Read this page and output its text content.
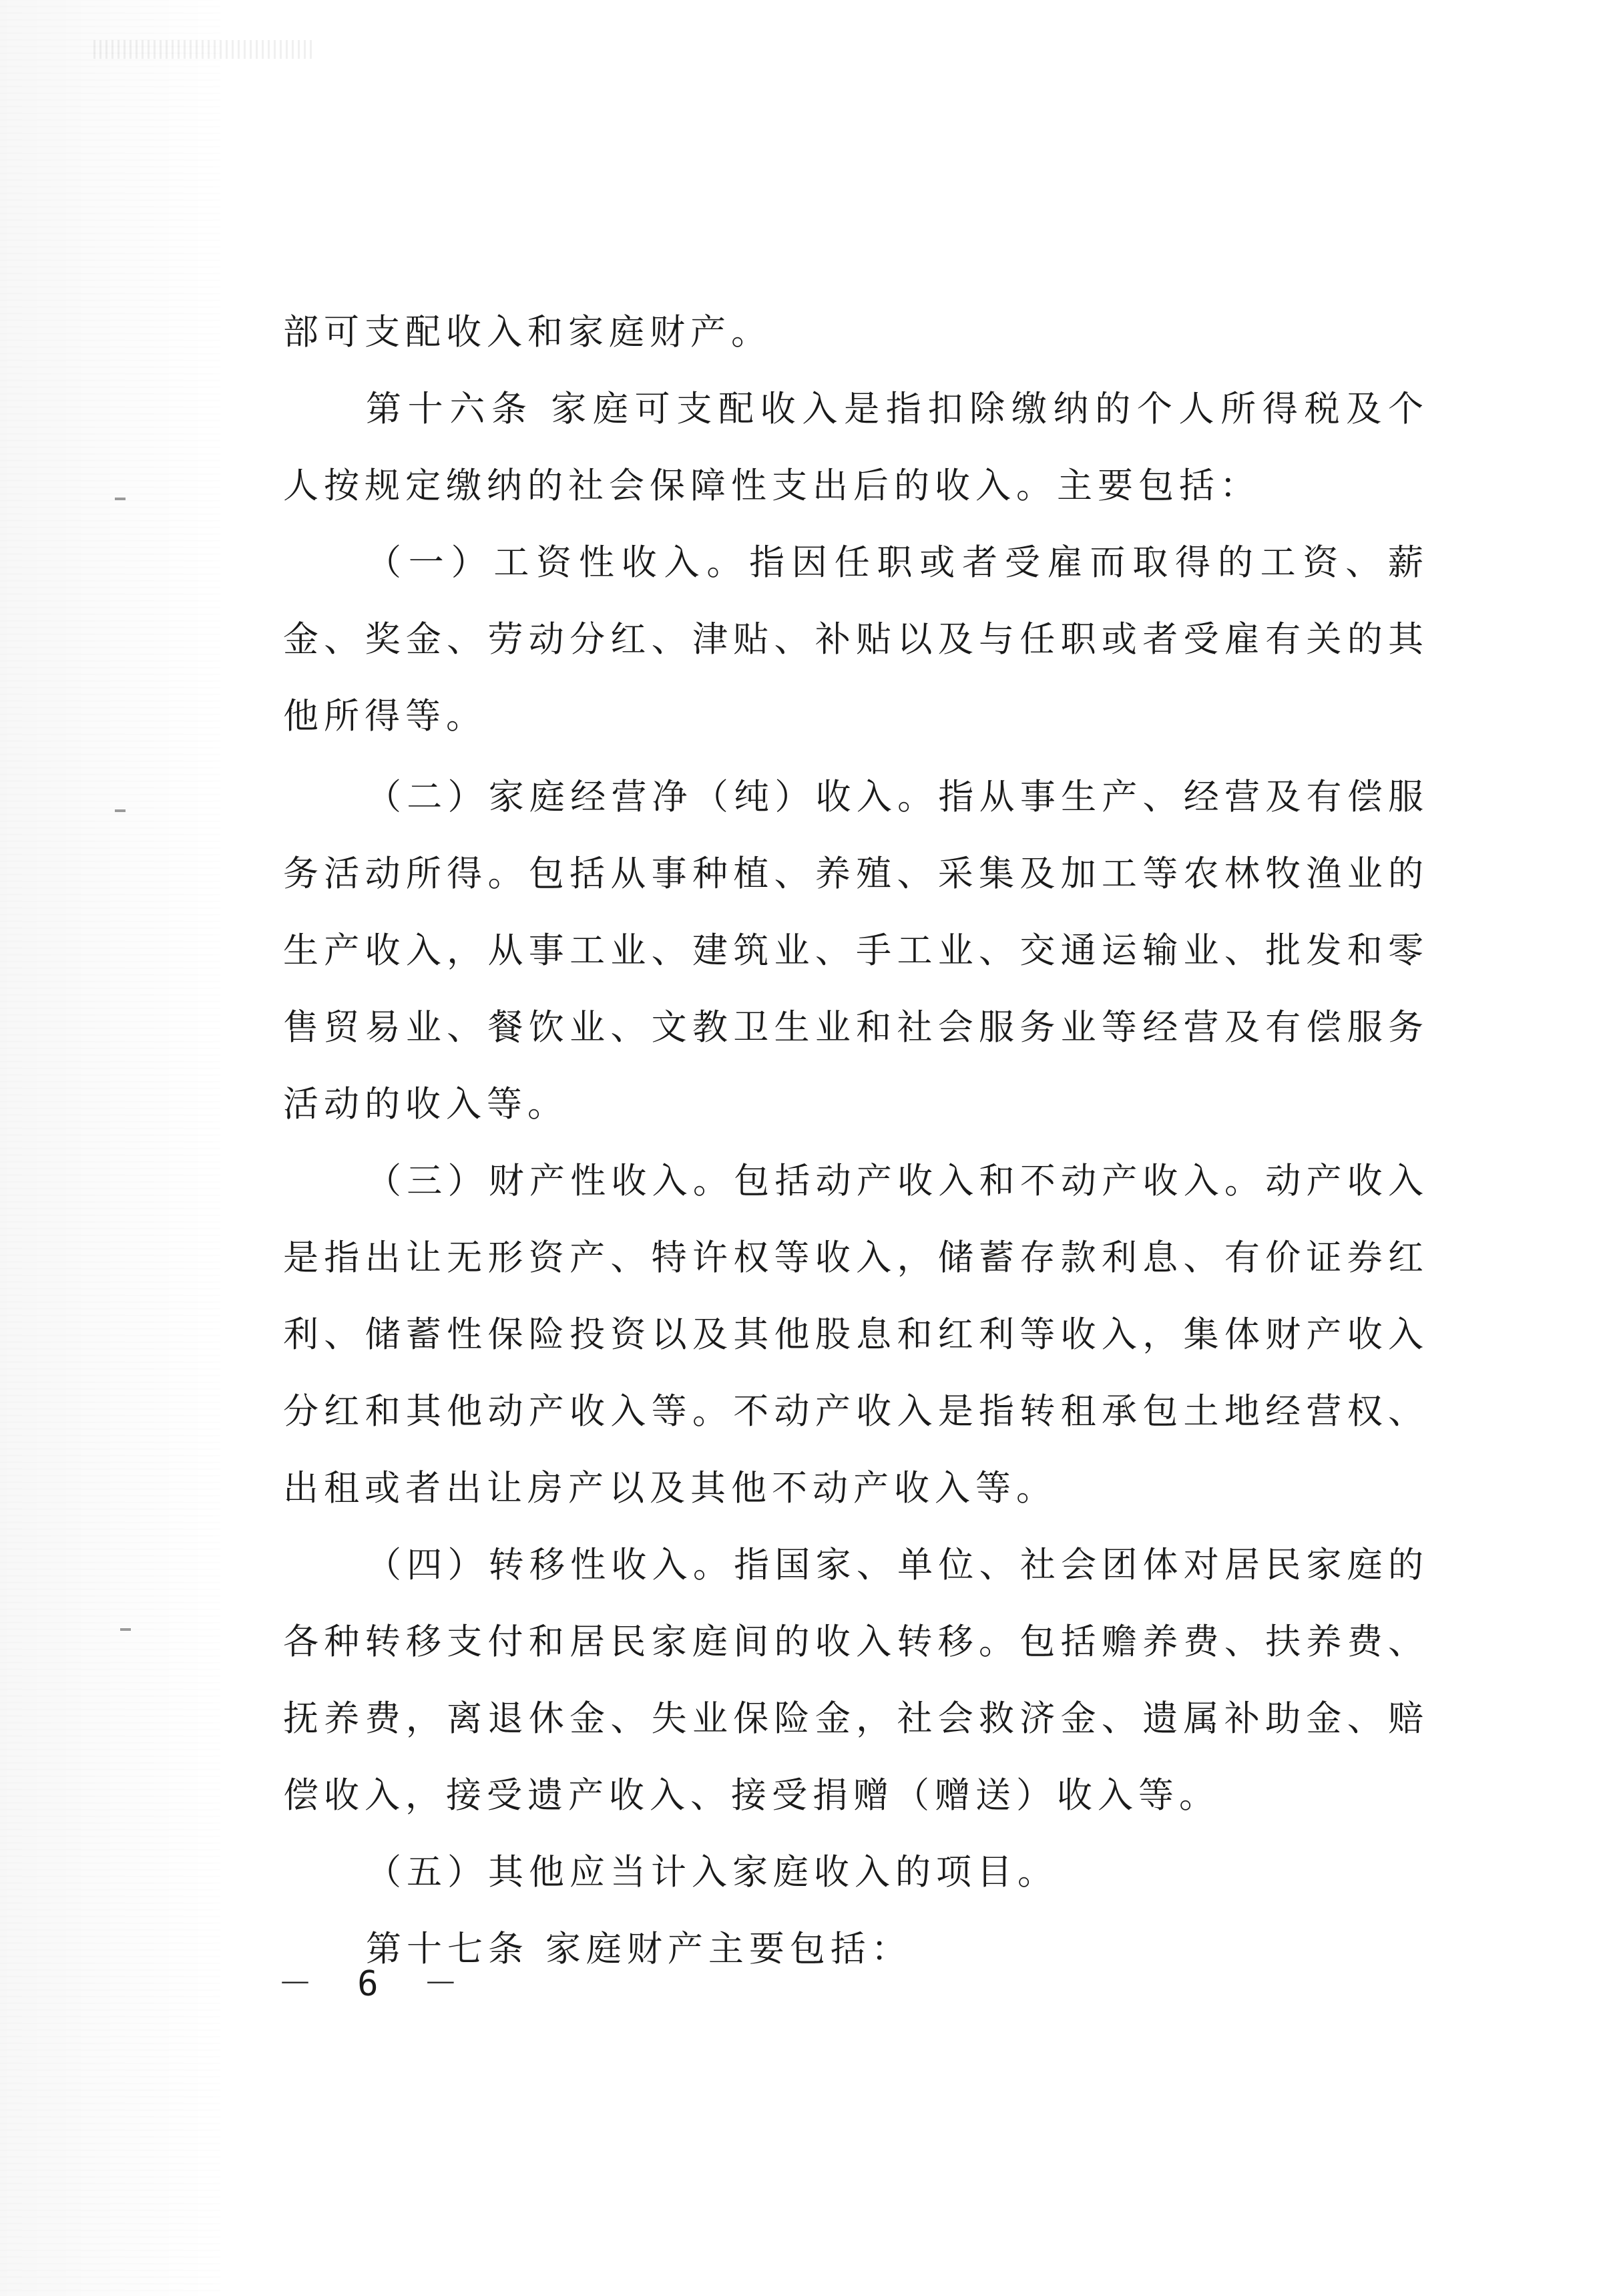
部可支配收入和家庭财产。

第十六条 家庭可支配收入是指扣除缴纳的个人所得税及个人按规定缴纳的社会保障性支出后的收入。主要包括：

（一）工资性收入。指因任职或者受雇而取得的工资、薪金、奖金、劳动分红、津贴、补贴以及与任职或者受雇有关的其他所得等。

（二）家庭经营净（纯）收入。指从事生产、经营及有偿服务活动所得。包括从事种植、养殖、采集及加工等农林牧渔业的生产收入，从事工业、建筑业、手工业、交通运输业、批发和零售贸易业、餐饮业、文教卫生业和社会服务业等经营及有偿服务活动的收入等。

（三）财产性收入。包括动产收入和不动产收入。动产收入是指出让无形资产、特许权等收入，储蓄存款利息、有价证券红利、储蓄性保险投资以及其他股息和红利等收入，集体财产收入分红和其他动产收入等。不动产收入是指转租承包土地经营权、出租或者出让房产以及其他不动产收入等。

（四）转移性收入。指国家、单位、社会团体对居民家庭的各种转移支付和居民家庭间的收入转移。包括赡养费、扶养费、抚养费，离退休金、失业保险金，社会救济金、遗属补助金、赔偿收入，接受遗产收入、接受捐赠（赠送）收入等。

（五）其他应当计入家庭收入的项目。

第十七条 家庭财产主要包括：

－ 6 －
